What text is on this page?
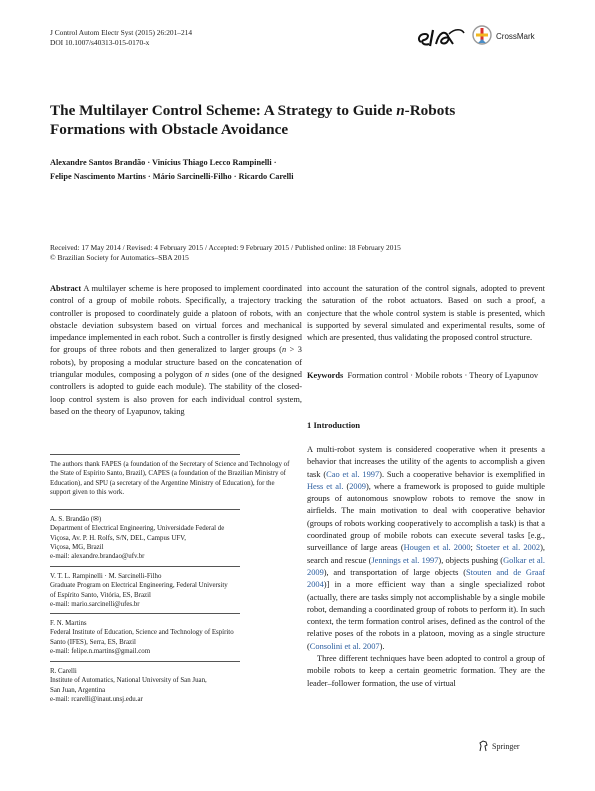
J Control Autom Electr Syst (2015) 26:201–214
DOI 10.1007/s40313-015-0170-x
CrossMark
The Multilayer Control Scheme: A Strategy to Guide n-Robots
Formations with Obstacle Avoidance
Alexandre Santos Brandão · Vinícius Thiago Lecco Rampinelli ·
Felipe Nascimento Martins · Mário Sarcinelli-Filho · Ricardo Carelli
Received: 17 May 2014 / Revised: 4 February 2015 / Accepted: 9 February 2015 / Published online: 18 February 2015
© Brazilian Society for Automatics–SBA 2015
Abstract A multilayer scheme is here proposed to implement coordinated control of a group of mobile robots. Specifically, a trajectory tracking controller is proposed to coordinately guide a platoon of robots, with an obstacle deviation subsystem based on virtual forces and mechanical impedance implemented in each robot. Such a controller is firstly designed for groups of three robots and then generalized to larger groups (n > 3 robots), by proposing a modular structure based on the concatenation of triangular modules, composing a polygon of n sides (one of the designed controllers is adopted to guide each module). The stability of the closed-loop control system is also proven for each individual control system, based on the theory of Lyapunov, taking
into account the saturation of the control signals, adopted to prevent the saturation of the robot actuators. Based on such a proof, a conjecture that the whole control system is stable is presented, which is supported by several simulated and experimental results, some of which are presented, thus validating the proposed control structure.
Keywords Formation control · Mobile robots · Theory of Lyapunov
The authors thank FAPES (a foundation of the Secretary of Science and Technology of the State of Espírito Santo, Brazil), CAPES (a foundation of the Brazilian Ministry of Education), and SPU (a secretary of the Argentine Ministry of Education), for the support given to this work.
A. S. Brandão (✉)
Department of Electrical Engineering, Universidade Federal de
Viçosa, Av. P. H. Rolfs, S/N, DEL, Campus UFV,
Viçosa, MG, Brazil
e-mail: alexandre.brandao@ufv.br
V. T. L. Rampinelli · M. Sarcinelli-Filho
Graduate Program on Electrical Engineering, Federal University
of Espírito Santo, Vitória, ES, Brazil
e-mail: mario.sarcinelli@ufes.br
F. N. Martins
Federal Institute of Education, Science and Technology of Espírito
Santo (IFES), Serra, ES, Brazil
e-mail: felipe.n.martins@gmail.com
R. Carelli
Institute of Automatics, National University of San Juan,
San Juan, Argentina
e-mail: rcarelli@inaut.unsj.edu.ar
1 Introduction
A multi-robot system is considered cooperative when it presents a behavior that increases the utility of the agents to accomplish a given task (Cao et al. 1997). Such a cooperative behavior is exemplified in Hess et al. (2009), where a framework is proposed to guide multiple groups of autonomous snowplow robots to remove the snow in airfields. The main motivation to deal with cooperative behavior (groups of robots working cooperatively to accomplish a task) is that a coordinated group of mobile robots can execute several tasks [e.g., surveillance of large areas (Hougen et al. 2000; Stoeter et al. 2002), search and rescue (Jennings et al. 1997), objects pushing (Golkar et al. 2009), and transportation of large objects (Stouten and de Graaf 2004)] in a more efficient way than a single specialized robot (actually, there are tasks simply not accomplishable by a single mobile robot, demanding a coordinated group of robots to perform it). In such context, the term formation control arises, defined as the control of the relative poses of the robots in a platoon, moving as a single structure (Consolini et al. 2007).
Three different techniques have been adopted to control a group of mobile robots to keep a certain geometric formation. They are the leader–follower formation, the use of virtual
Springer
